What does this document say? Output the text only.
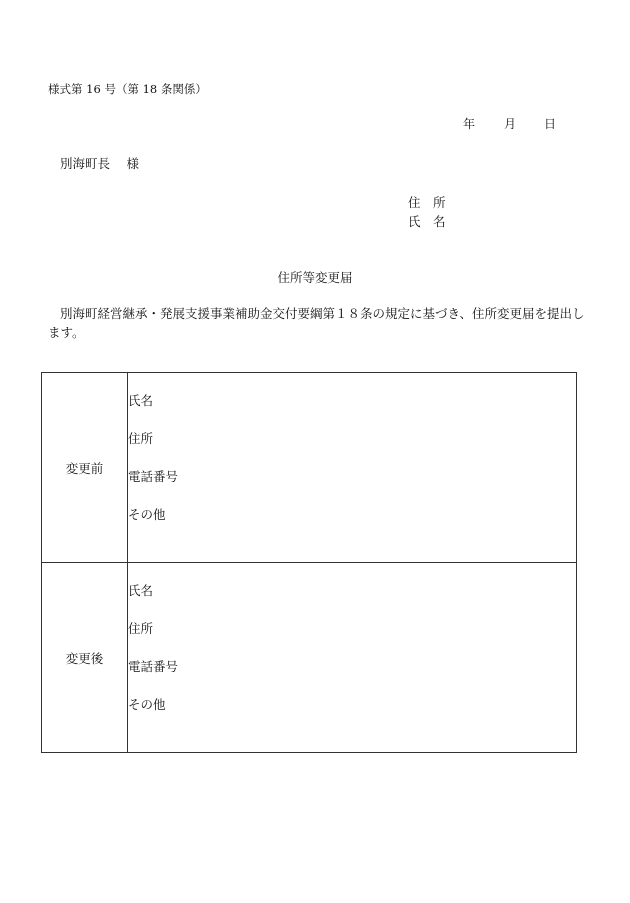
様式第 16 号（第 18 条関係）
年 月 日
別海町長　 様
住　所
氏　名
住所等変更届

別海町経営継承・発展支援事業補助金交付要綱第１８条の規定に基づき、住所変更届を提出します。

変更前	氏名
住所
電話番号
その他

変更後	氏名
住所
電話番号
その他
